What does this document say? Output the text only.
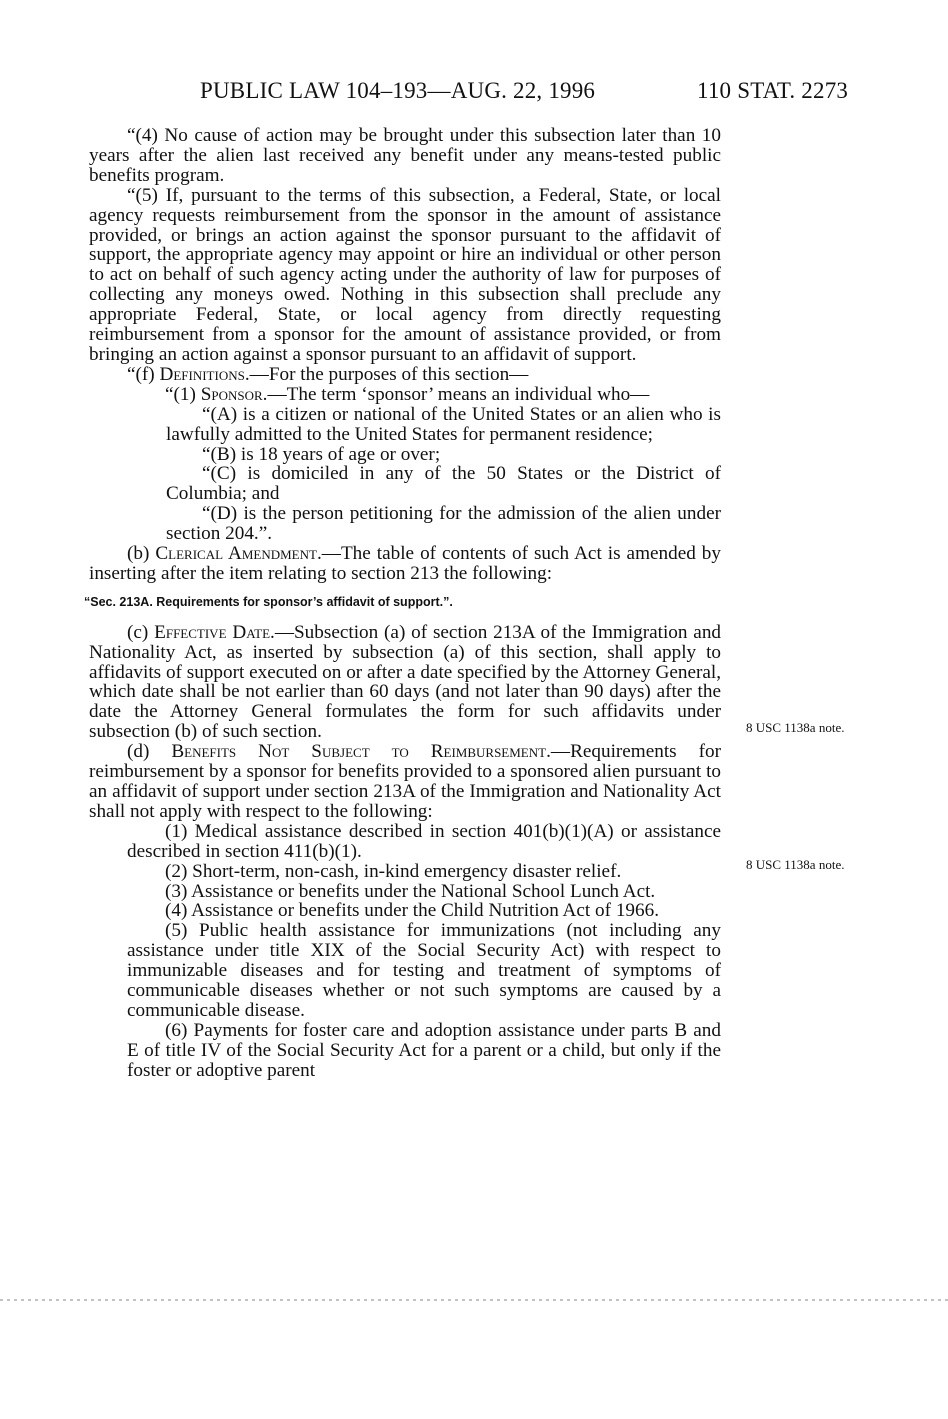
PUBLIC LAW 104–193—AUG. 22, 1996	110 STAT. 2273

“(4) No cause of action may be brought under this subsection later than 10 years after the alien last received any benefit under any means-tested public benefits program.

“(5) If, pursuant to the terms of this subsection, a Federal, State, or local agency requests reimbursement from the sponsor in the amount of assistance provided, or brings an action against the sponsor pursuant to the affidavit of support, the appropriate agency may appoint or hire an individual or other person to act on behalf of such agency acting under the authority of law for purposes of collecting any moneys owed. Nothing in this subsection shall preclude any appropriate Federal, State, or local agency from directly requesting reimbursement from a sponsor for the amount of assistance provided, or from bringing an action against a sponsor pursuant to an affidavit of support.

“(f) Definitions.—For the purposes of this section—

“(1) Sponsor.—The term ‘sponsor’ means an individual who—

“(A) is a citizen or national of the United States or an alien who is lawfully admitted to the United States for permanent residence;

“(B) is 18 years of age or over;

“(C) is domiciled in any of the 50 States or the District of Columbia; and

“(D) is the person petitioning for the admission of the alien under section 204.”.

(b) Clerical Amendment.—The table of contents of such Act is amended by inserting after the item relating to section 213 the following:

“Sec. 213A. Requirements for sponsor’s affidavit of support.”.

(c) Effective Date.—Subsection (a) of section 213A of the Immigration and Nationality Act, as inserted by subsection (a) of this section, shall apply to affidavits of support executed on or after a date specified by the Attorney General, which date shall be not earlier than 60 days (and not later than 90 days) after the date the Attorney General formulates the form for such affidavits under subsection (b) of such section.

(d) Benefits Not Subject to Reimbursement.—Requirements for reimbursement by a sponsor for benefits provided to a sponsored alien pursuant to an affidavit of support under section 213A of the Immigration and Nationality Act shall not apply with respect to the following:

(1) Medical assistance described in section 401(b)(1)(A) or assistance described in section 411(b)(1).

(2) Short-term, non-cash, in-kind emergency disaster relief.

(3) Assistance or benefits under the National School Lunch Act.

(4) Assistance or benefits under the Child Nutrition Act of 1966.

(5) Public health assistance for immunizations (not including any assistance under title XIX of the Social Security Act) with respect to immunizable diseases and for testing and treatment of symptoms of communicable diseases whether or not such symptoms are caused by a communicable disease.

(6) Payments for foster care and adoption assistance under parts B and E of title IV of the Social Security Act for a parent or a child, but only if the foster or adoptive parent

8 USC 1138a note.
8 USC 1138a note.
